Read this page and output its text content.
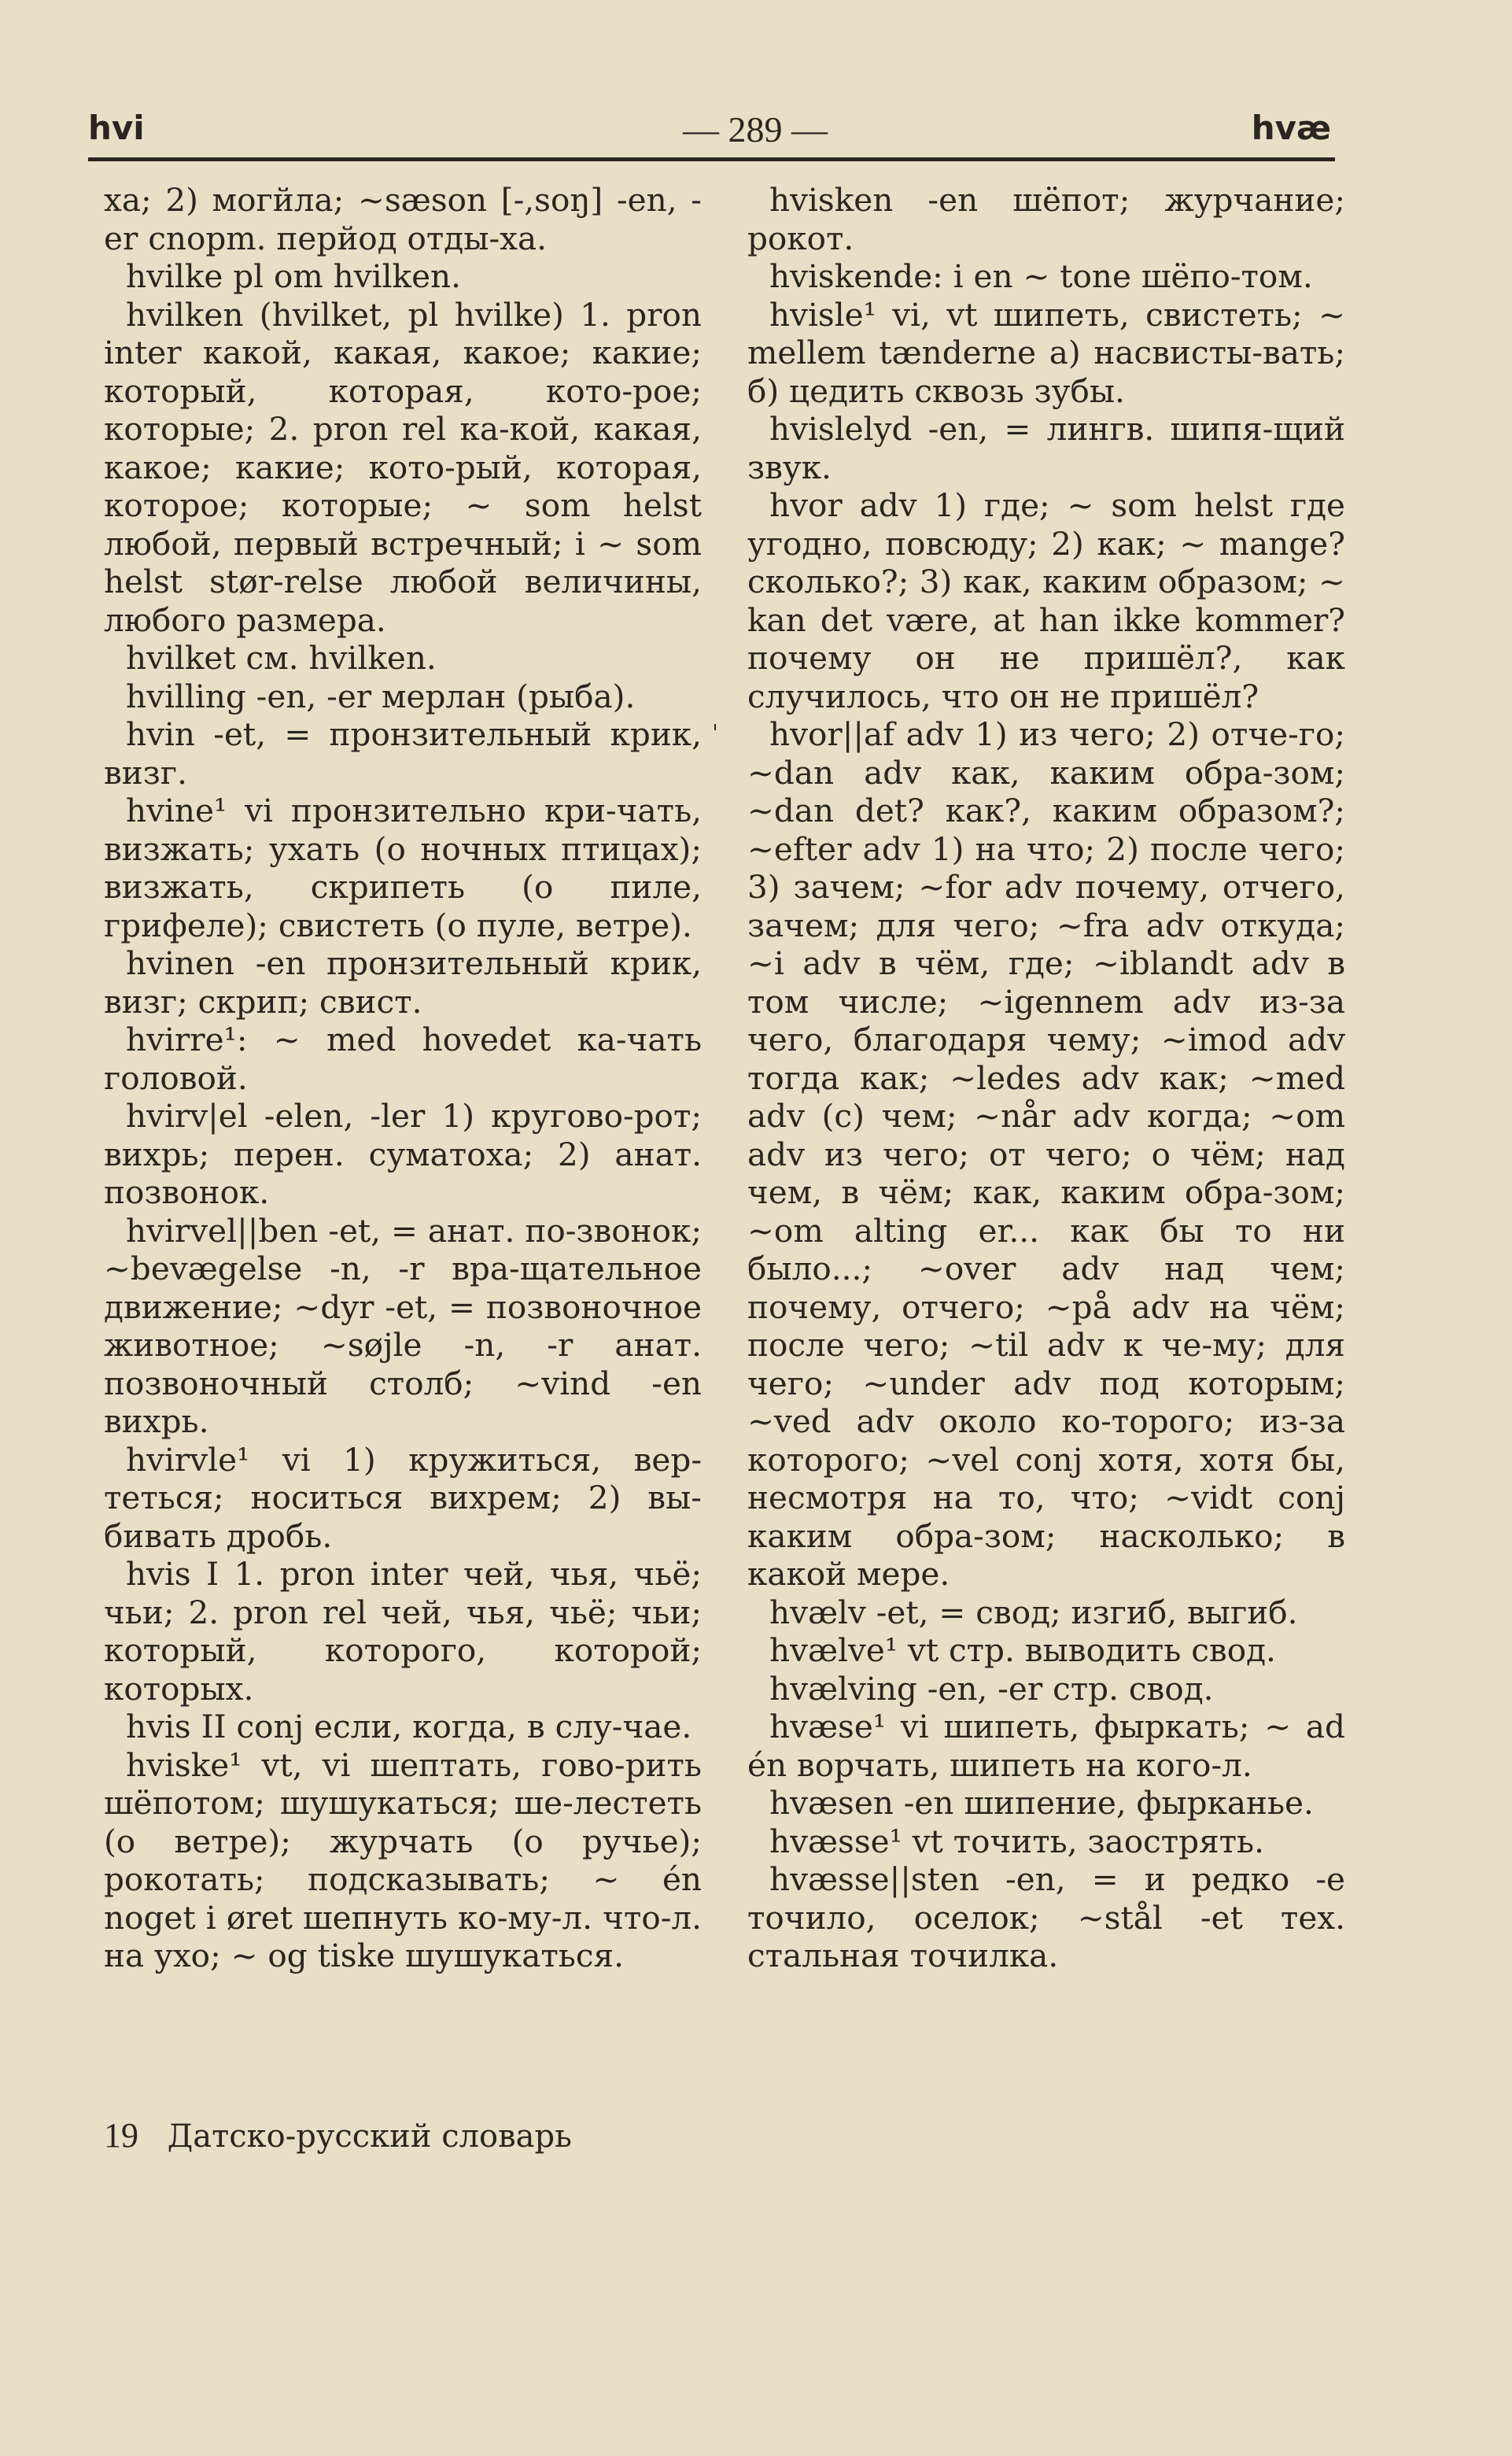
hvi	— 289 —	hvæ

xa; 2) могйла; ~sæson [-,soŋ] -en, -er cnopm. перйод отды-ха.

hvilke pl om hvilken.

hvilken (hvilket, pl hvilke) 1. pron inter какой, какая, какое; какие; который, которая, кото-рое; которые; 2. pron rel ка-кой, какая, какое; какие; кото-рый, которая, которое; которые; ~ som helst любой, первый встречный; i ~ som helst stør-relse любой величины, любого размера.

hvilket см. hvilken.

hvilling -en, -er мерлан (рыба).

hvin -et, = пронзительный крик, визг.

hvine¹ vi пронзительно кри-чать, визжать; ухать (о ночных птицах); визжать, скрипеть (о пиле, грифеле); свистеть (о пуле, ветре).

hvinen -en пронзительный крик, визг; скрип; свист.

hvirre¹: ~ med hovedet ка-чать головой.

hvirv|el -elen, -ler 1) кругово-рот; вихрь; перен. суматоха; 2) анат. позвонок.

hvirvel||ben -et, = анат. по-звонок; ~bevægelse -n, -r вра-щательное движение; ~dyr -et, = позвоночное животное; ~søjle -n, -r анат. позвоночный столб; ~vind -en вихрь.

hvirvle¹ vi 1) кружиться, вер-теться; носиться вихрем; 2) вы-бивать дробь.

hvis I 1. pron inter чей, чья, чьё; чьи; 2. pron rel чей, чья, чьё; чьи; который, которого, которой; которых.

hvis II conj если, когда, в слу-чае.

hviske¹ vt, vi шептать, гово-рить шёпотом; шушукаться; ше-лестеть (о ветре); журчать (о ручье); рокотать; подсказывать; ~ én noget i øret шепнуть ко-му-л. что-л. на ухо; ~ og tiske шушукаться.

hvisken -en шёпот; журчание; рокот.

hviskende: i en ~ tone шёпо-том.

hvisle¹ vi, vt шипеть, свистеть; ~ mellem tænderne а) насвисты-вать; б) цедить сквозь зубы.

hvislelyd -en, = лингв. шипя-щий звук.

hvor adv 1) где; ~ som helst где угодно, повсюду; 2) как; ~ mange? сколько?; 3) как, каким образом; ~ kan det være, at han ikke kommer? почему он не пришёл?, как случилось, что он не пришёл?

hvor||af adv 1) из чего; 2) отче-го; ~dan adv как, каким обра-зом; ~dan det? как?, каким образом?; ~efter adv 1) на что; 2) после чего; 3) зачем; ~for adv почему, отчего, зачем; для чего; ~fra adv откуда; ~i adv в чём, где; ~iblandt adv в том числе; ~igennem adv из-за чего, благодаря чему; ~imod adv тогда как; ~ledes adv как; ~med adv (с) чем; ~når adv когда; ~om adv из чего; от чего; о чём; над чем, в чём; как, каким обра-зом; ~om alting er... как бы то ни было...; ~over adv над чем; почему, отчего; ~på adv на чём; после чего; ~til adv к че-му; для чего; ~under adv под которым; ~ved adv около ко-торого; из-за которого; ~vel conj хотя, хотя бы, несмотря на то, что; ~vidt conj каким обра-зом; насколько; в какой мере.

hvælv -et, = свод; изгиб, выгиб.

hvælve¹ vt стр. выводить свод.

hvælving -en, -er стр. свод.

hvæse¹ vi шипеть, фыркать; ~ ad én ворчать, шипеть на кого-л.

hvæsen -en шипение, фырканье.

hvæsse¹ vt точить, заострять.

hvæsse||sten -en, = и редко -e точило, оселок; ~stål -et тех. стальная точилка.

19 Датско-русский словарь
